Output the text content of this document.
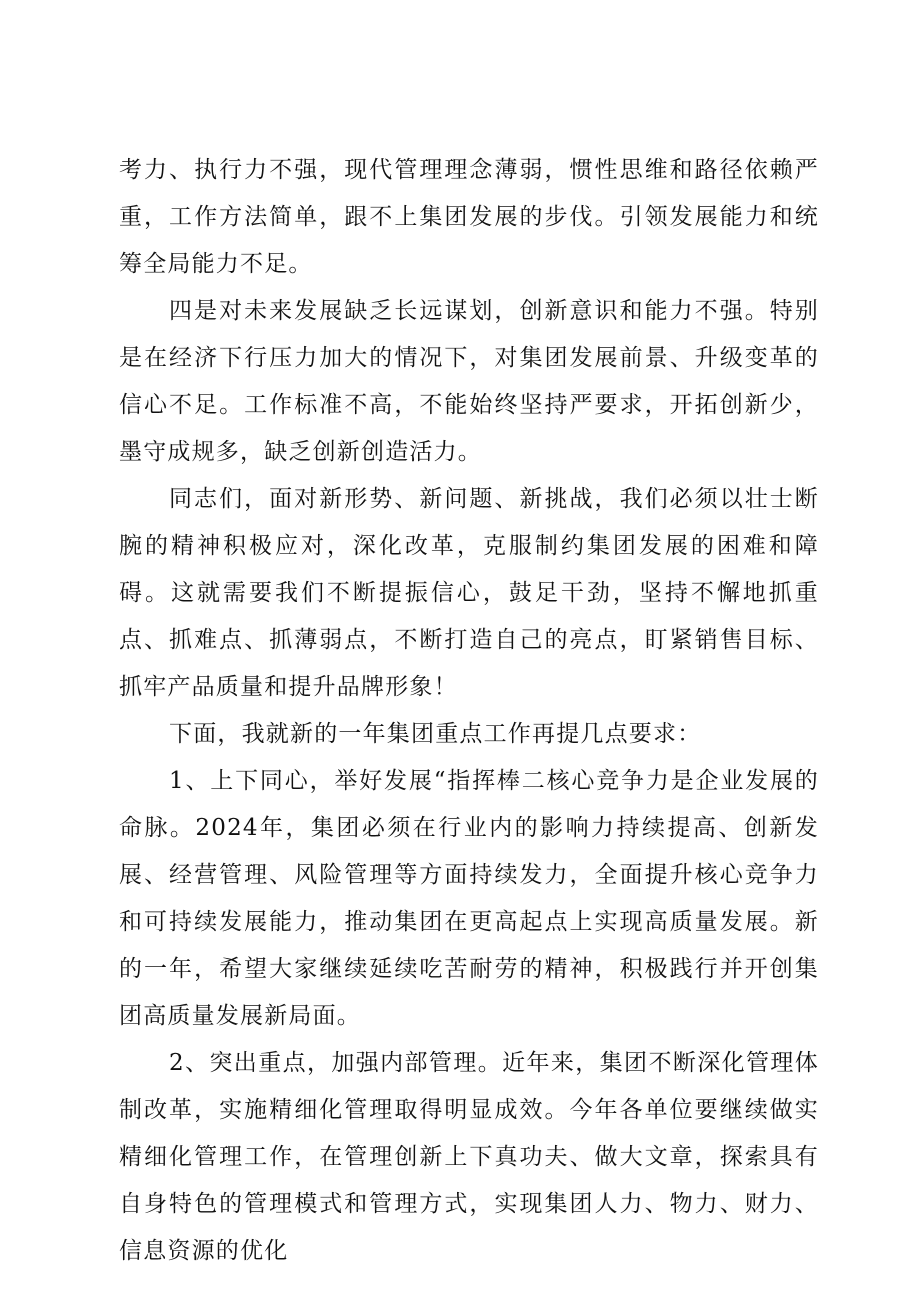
考力、执行力不强，现代管理理念薄弱，惯性思维和路径依赖严重，工作方法简单，跟不上集团发展的步伐。引领发展能力和统筹全局能力不足。

四是对未来发展缺乏长远谋划，创新意识和能力不强。特别是在经济下行压力加大的情况下，对集团发展前景、升级变革的信心不足。工作标准不高，不能始终坚持严要求，开拓创新少，墨守成规多，缺乏创新创造活力。

同志们，面对新形势、新问题、新挑战，我们必须以壮士断腕的精神积极应对，深化改革，克服制约集团发展的困难和障碍。这就需要我们不断提振信心，鼓足干劲，坚持不懈地抓重点、抓难点、抓薄弱点，不断打造自己的亮点，盯紧销售目标、抓牢产品质量和提升品牌形象！

下面，我就新的一年集团重点工作再提几点要求：

1、上下同心，举好发展“指挥棒二核心竞争力是企业发展的命脉。2024年，集团必须在行业内的影响力持续提高、创新发展、经营管理、风险管理等方面持续发力，全面提升核心竞争力和可持续发展能力，推动集团在更高起点上实现高质量发展。新的一年，希望大家继续延续吃苦耐劳的精神，积极践行并开创集团高质量发展新局面。

2、突出重点，加强内部管理。近年来，集团不断深化管理体制改革，实施精细化管理取得明显成效。今年各单位要继续做实精细化管理工作，在管理创新上下真功夫、做大文章，探索具有自身特色的管理模式和管理方式，实现集团人力、物力、财力、信息资源的优化
